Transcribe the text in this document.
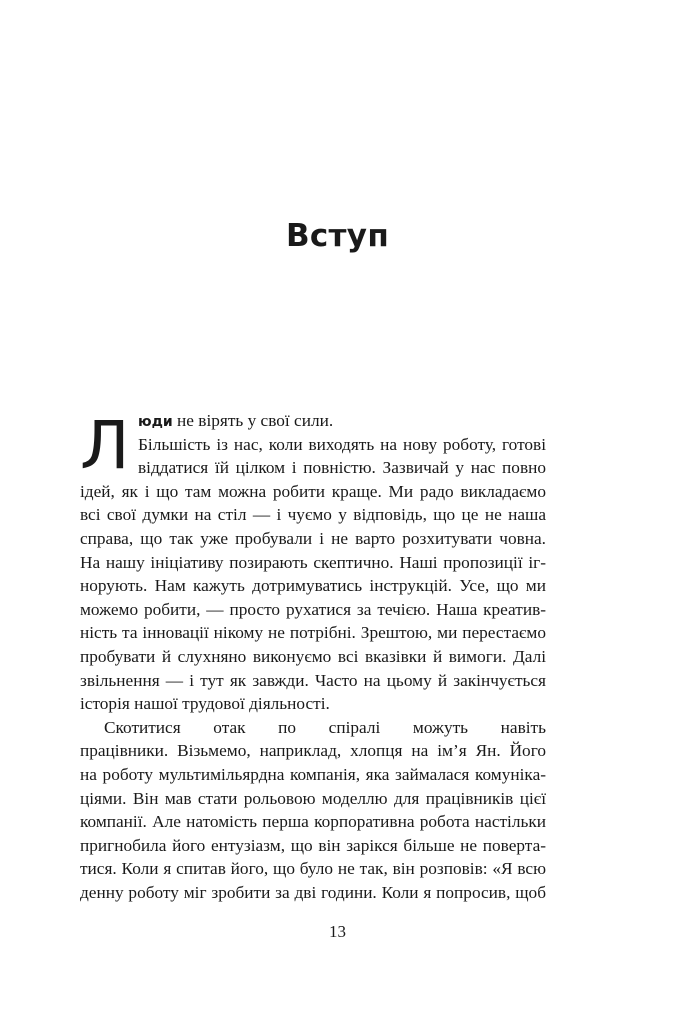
Вступ
Л юди не вірять у свої сили.
Більшість із нас, коли виходять на нову роботу, готові
віддатися їй цілком і повністю. Зазвичай у нас повно
ідей, як і що там можна робити краще. Ми радо викладаємо
всі свої думки на стіл — і чуємо у відповідь, що це не наша
справа, що так уже пробували і не варто розхитувати човна.
На нашу ініціативу позирають скептично. Наші пропозиції іг-
норують. Нам кажуть дотримуватись інструкцій. Усе, що ми
можемо робити, — просто рухатися за течією. Наша креатив-
ність та інновації нікому не потрібні. Зрештою, ми перестаємо
пробувати й слухняно виконуємо всі вказівки й вимоги. Далі
звільнення — і тут як завжди. Часто на цьому й закінчується
історія нашої трудової діяльності.
Скотитися отак по спіралі можуть навіть
працівники. Візьмемо, наприклад, хлопця на ім’я Ян. Його
на роботу мультимільярдна компанія, яка займалася комуніка-
ціями. Він мав стати рольовою моделлю для працівників цієї
компанії. Але натомість перша корпоративна робота настільки
пригнобила його ентузіазм, що він зарікся більше не поверта-
тися. Коли я спитав його, що було не так, він розповів: «Я всю
денну роботу міг зробити за дві години. Коли я попросив, щоб
13
